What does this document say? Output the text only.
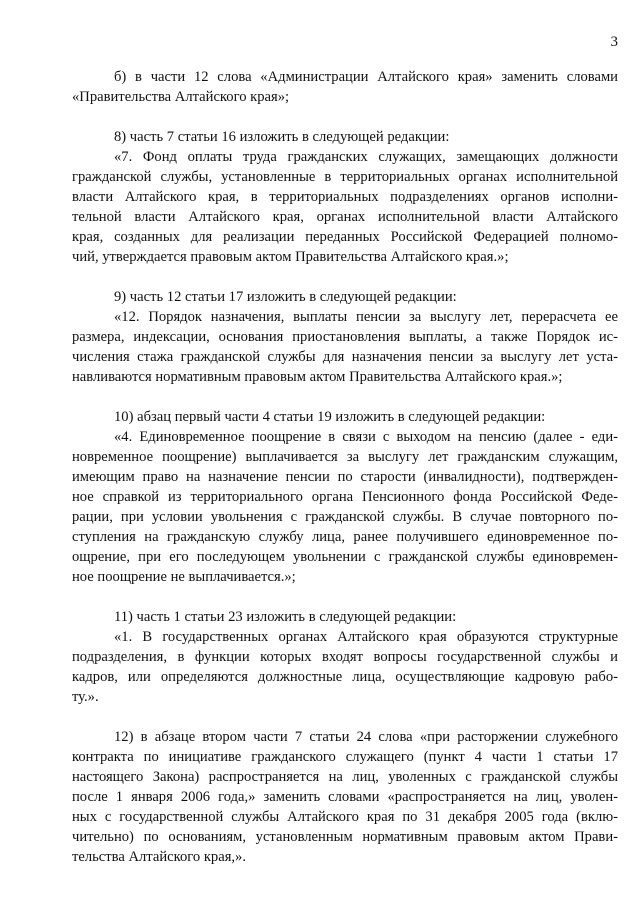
3
б) в части 12 слова «Администрации Алтайского края» заменить словами
«Правительства Алтайского края»;
8) часть 7 статьи 16 изложить в следующей редакции:
«7. Фонд оплаты труда гражданских служащих, замещающих должности
гражданской службы, установленные в территориальных органах исполнительной
власти Алтайского края, в территориальных подразделениях органов исполни-
тельной власти Алтайского края, органах исполнительной власти Алтайского
края, созданных для реализации переданных Российской Федерацией полномо-
чий, утверждается правовым актом Правительства Алтайского края.»;
9) часть 12 статьи 17 изложить в следующей редакции:
«12. Порядок назначения, выплаты пенсии за выслугу лет, перерасчета ее
размера, индексации, основания приостановления выплаты, а также Порядок ис-
числения стажа гражданской службы для назначения пенсии за выслугу лет уста-
навливаются нормативным правовым актом Правительства Алтайского края.»;
10) абзац первый части 4 статьи 19 изложить в следующей редакции:
«4. Единовременное поощрение в связи с выходом на пенсию (далее - еди-
новременное поощрение) выплачивается за выслугу лет гражданским служащим,
имеющим право на назначение пенсии по старости (инвалидности), подтвержден-
ное справкой из территориального органа Пенсионного фонда Российской Феде-
рации, при условии увольнения с гражданской службы. В случае повторного по-
ступления на гражданскую службу лица, ранее получившего единовременное по-
ощрение, при его последующем увольнении с гражданской службы единовремен-
ное поощрение не выплачивается.»;
11) часть 1 статьи 23 изложить в следующей редакции:
«1. В государственных органах Алтайского края образуются структурные
подразделения, в функции которых входят вопросы государственной службы и
кадров, или определяются должностные лица, осуществляющие кадровую рабо-
ту.».
12) в абзаце втором части 7 статьи 24 слова «при расторжении служебного
контракта по инициативе гражданского служащего (пункт 4 части 1 статьи 17
настоящего Закона) распространяется на лиц, уволенных с гражданской службы
после 1 января 2006 года,» заменить словами «распространяется на лиц, уволен-
ных с государственной службы Алтайского края по 31 декабря 2005 года (вклю-
чительно) по основаниям, установленным нормативным правовым актом Прави-
тельства Алтайского края,».
